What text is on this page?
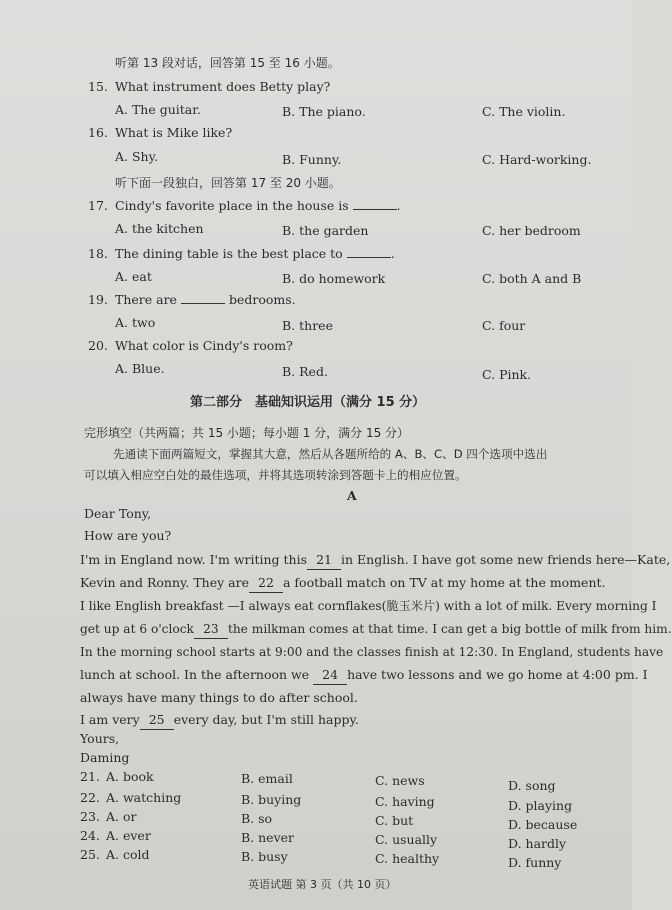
听第 13 段对话，回答第 15 至 16 小题。
15. What instrument does Betty play?
A. The guitar.	B. The piano.	C. The violin.
16. What is Mike like?
A. Shy.	B. Funny.	C. Hard-working.
听下面一段独白，回答第 17 至 20 小题。
17. Cindy's favorite place in the house is	.
A. the kitchen	B. the garden	C. her bedroom
18. The dining table is the best place to	.
A. eat	B. do homework	C. both A and B
19. There are	bedrooms.
A. two	B. three	C. four
20. What color is Cindy's room?
A. Blue.	B. Red.	C. Pink.
第二部分　基础知识运用（满分 15 分）
完形填空（共两篇；共 15 小题；每小题 1 分，满分 15 分）
先通读下面两篇短文，掌握其大意，然后从各题所给的 A、B、C、D 四个选项中选出
可以填入相应空白处的最佳选项，并将其选项转涂到答题卡上的相应位置。
A
Dear Tony,
How are you?
I'm in England now. I'm writing this 21 in English. I have got some new friends here—Kate,
Kevin and Ronny. They are 22 a football match on TV at my home at the moment.
I like English breakfast —I always eat cornflakes(脆玉米片) with a lot of milk. Every morning I
get up at 6 o'clock 23 the milkman comes at that time. I can get a big bottle of milk from him.
In the morning school starts at 9:00 and the classes finish at 12:30. In England, students have
lunch at school. In the afternoon we 24 have two lessons and we go home at 4:00 pm. I
always have many things to do after school.
I am very 25 every day, but I'm still happy.
Yours,
Daming
21. A. book	B. email	C. news	D. song
22. A. watching	B. buying	C. having	D. playing
23. A. or	B. so	C. but	D. because
24. A. ever	B. never	C. usually	D. hardly
25. A. cold	B. busy	C. healthy	D. funny
英语试题 第 3 页（共 10 页）
